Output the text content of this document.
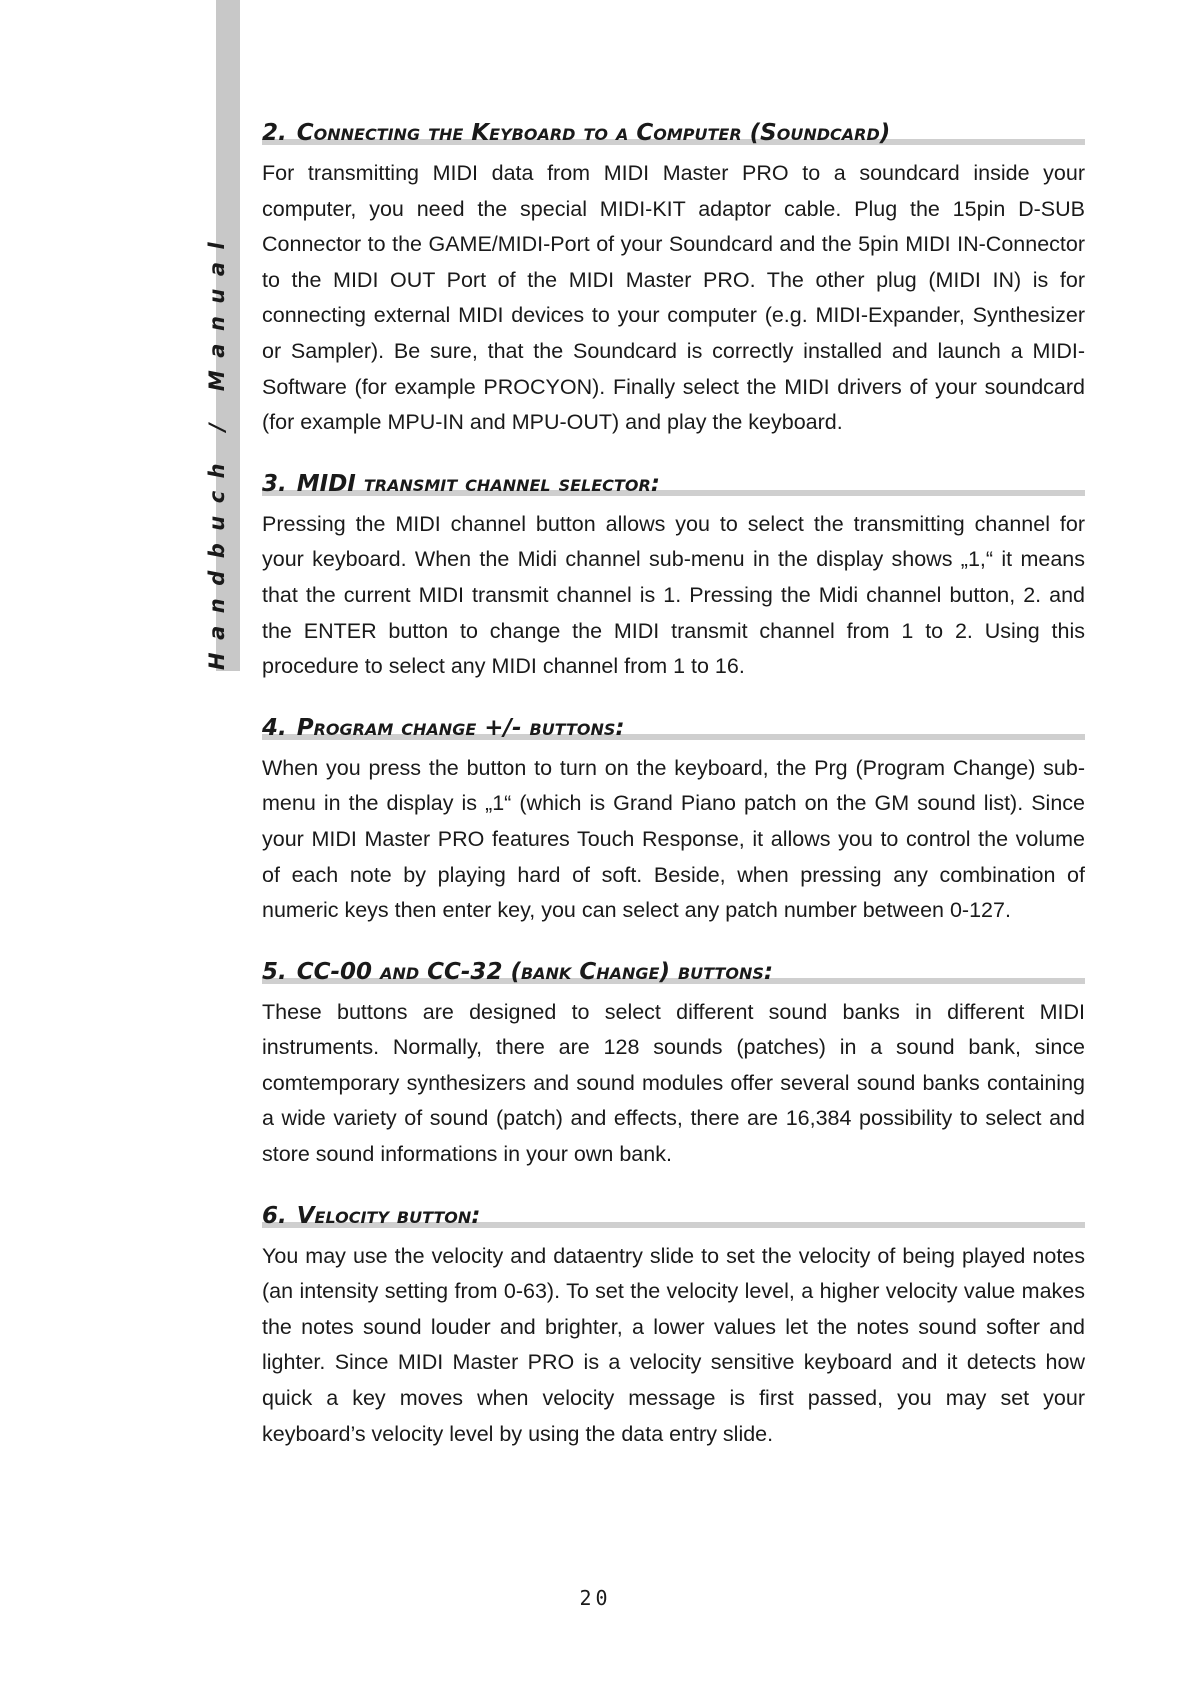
Handbuch / Manual
2. Connecting the Keyboard to a Computer (Soundcard)

For transmitting MIDI data from MIDI Master PRO to a soundcard inside your computer, you need the special MIDI-KIT adaptor cable. Plug the 15pin D-SUB Connector to the GAME/MIDI-Port of your Soundcard and the 5pin MIDI IN-Connector to the MIDI OUT Port of the MIDI Master PRO. The other plug (MIDI IN) is for connecting external MIDI devices to your computer (e.g. MIDI-Expander, Synthesizer or Sampler). Be sure, that the Soundcard is correctly installed and launch a MIDI-Software (for example PROCYON). Finally select the MIDI drivers of your soundcard (for example MPU-IN and MPU-OUT) and play the keyboard.

3. MIDI transmit channel selector:

Pressing the MIDI channel button allows you to select the transmitting channel for your keyboard. When the Midi channel sub-menu in the display shows „1,“ it means that the current MIDI transmit channel is 1. Pressing the Midi channel button, 2. and the ENTER button to change the MIDI transmit channel from 1 to 2. Using this procedure to select any MIDI channel from 1 to 16.

4. Program change +/- buttons:

When you press the button to turn on the keyboard, the Prg (Program Change) sub-menu in the display is „1“ (which is Grand Piano patch on the GM sound list). Since your MIDI Master PRO features Touch Response, it allows you to control the volume of each note by playing hard of soft. Beside, when pressing any combination of numeric keys then enter key, you can select any patch number between 0-127.

5. CC-00 and CC-32 (bank Change) buttons:

These buttons are designed to select different sound banks in different MIDI instruments. Normally, there are 128 sounds (patches) in a sound bank, since comtemporary synthesizers and sound modules offer several sound banks containing a wide variety of sound (patch) and effects, there are 16,384 possibility to select and store sound informations in your own bank.

6. Velocity button:

You may use the velocity and dataentry slide to set the velocity of being played notes (an intensity setting from 0-63). To set the velocity level, a higher velocity value makes the notes sound louder and brighter, a lower values let the notes sound softer and lighter. Since MIDI Master PRO is a velocity sensitive keyboard and it detects how quick a key moves when velocity message is first passed, you may set your keyboard’s velocity level by using the data entry slide.

20
